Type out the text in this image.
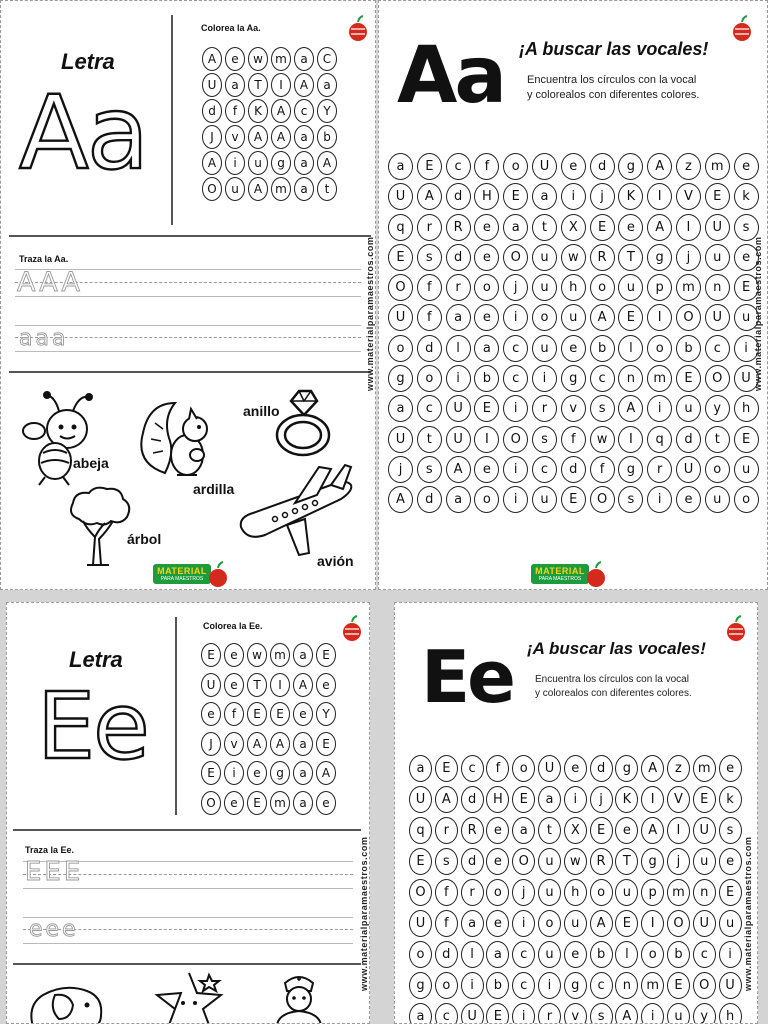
Letra
Aa
Colorea la Aa.
A	e	w	m	a	C
U	a	T	I	A	a
d	f	K	A	c	Y
J	v	A	A	a	b
A	i	u	g	a	A
O	u	A	m	a	t
Traza la Aa.
AAA
aaa
abeja
ardilla
anillo
árbol
avión
MATERIAL
PARA MAESTROS
www.materialparamaestros.com
Aa ¡A buscar las vocales!
Encuentra los círculos con la vocal
y colorealos con diferentes colores.
a	E	c	f	o	U	e	d	g	A	z	m	e
U	A	d	H	E	a	i	j	K	I	V	E	k
q	r	R	e	a	t	X	E	e	A	I	U	s
E	s	d	e	O	u	w	R	T	g	j	u	e
O	f	r	o	j	u	h	o	u	p	m	n	E
U	f	a	e	i	o	u	A	E	I	O	U	u
o	d	l	a	c	u	e	b	l	o	b	c	i
g	o	i	b	c	i	g	c	n	m	E	O	U
a	c	U	E	i	r	v	s	A	i	u	y	h
U	t	U	I	O	s	f	w	I	q	d	t	E
j	s	A	e	i	c	d	f	g	r	U	o	u
A	d	a	o	i	u	E	O	s	i	e	u	o
www.materialparamaestros.com
MATERIAL
PARA MAESTROS
Letra
Ee
Colorea la Ee.
E	e	w	m	a	E
U	e	T	I	A	e
e	f	E	E	e	Y
J	v	A	A	a	E
E	i	e	g	a	A
O	e	E	m	a	e
Traza la Ee.
EEE
eee	www.materialparamaestros.com
Ee ¡A buscar las vocales!
Encuentra los círculos con la vocal
y colorealos con diferentes colores.
a	E	c	f	o	U	e	d	g	A	z	m	e
U	A	d	H	E	a	i	j	K	I	V	E	k
q	r	R	e	a	t	X	E	e	A	I	U	s
E	s	d	e	O	u	w	R	T	g	j	u	e
O	f	r	o	j	u	h	o	u	p	m	n	E
U	f	a	e	i	o	u	A	E	I	O	U	u
o	d	l	a	c	u	e	b	l	o	b	c	i
g	o	i	b	c	i	g	c	n	m	E	O	U
a	c	U	E	i	r	v	s	A	i	u	y	h
www.materialparamaestros.com
